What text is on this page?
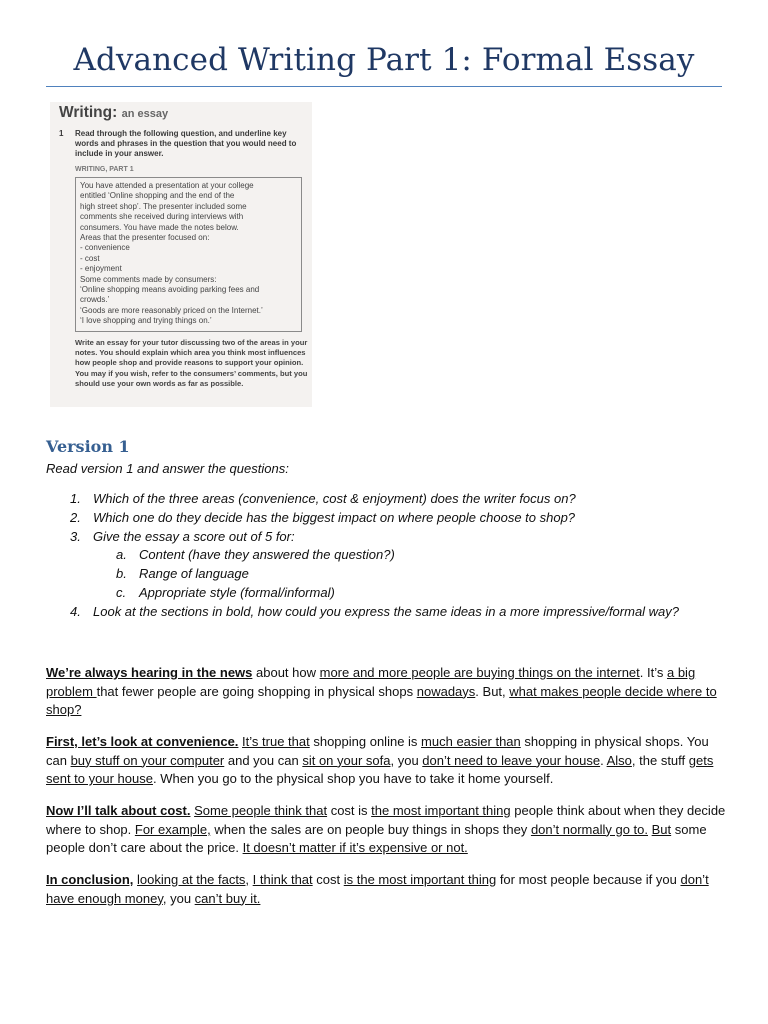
Advanced Writing Part 1: Formal Essay
Writing: an essay
1 Read through the following question, and underline key words and phrases in the question that you would need to include in your answer.

WRITING, PART 1
You have attended a presentation at your college
entitled ‘Online shopping and the end of the
high street shop’. The presenter included some
comments she received during interviews with
consumers. You have made the notes below.
Areas that the presenter focused on:
- convenience
- cost
- enjoyment
Some comments made by consumers:
‘Online shopping means avoiding parking fees and
crowds.’
‘Goods are more reasonably priced on the Internet.’
‘I love shopping and trying things on.’

Write an essay for your tutor discussing two of the areas in your notes. You should explain which area you think most influences how people shop and provide reasons to support your opinion. You may if you wish, refer to the consumers’ comments, but you should use your own words as far as possible.

Version 1

Read version 1 and answer the questions:

1. Which of the three areas (convenience, cost & enjoyment) does the writer focus on?
2. Which one do they decide has the biggest impact on where people choose to shop?
3. Give the essay a score out of 5 for:
a. Content (have they answered the question?)
b. Range of language
c. Appropriate style (formal/informal)
4. Look at the sections in bold, how could you express the same ideas in a more impressive/formal way?

We’re always hearing in the news about how more and more people are buying things on the internet. It’s a big problem that fewer people are going shopping in physical shops nowadays. But, what makes people decide where to shop?

First, let’s look at convenience. It’s true that shopping online is much easier than shopping in physical shops. You can buy stuff on your computer and you can sit on your sofa, you don’t need to leave your house. Also, the stuff gets sent to your house. When you go to the physical shop you have to take it home yourself.

Now I’ll talk about cost. Some people think that cost is the most important thing people think about when they decide where to shop. For example, when the sales are on people buy things in shops they don’t normally go to. But some people don’t care about the price. It doesn’t matter if it’s expensive or not.

In conclusion, looking at the facts, I think that cost is the most important thing for most people because if you don’t have enough money, you can’t buy it.
